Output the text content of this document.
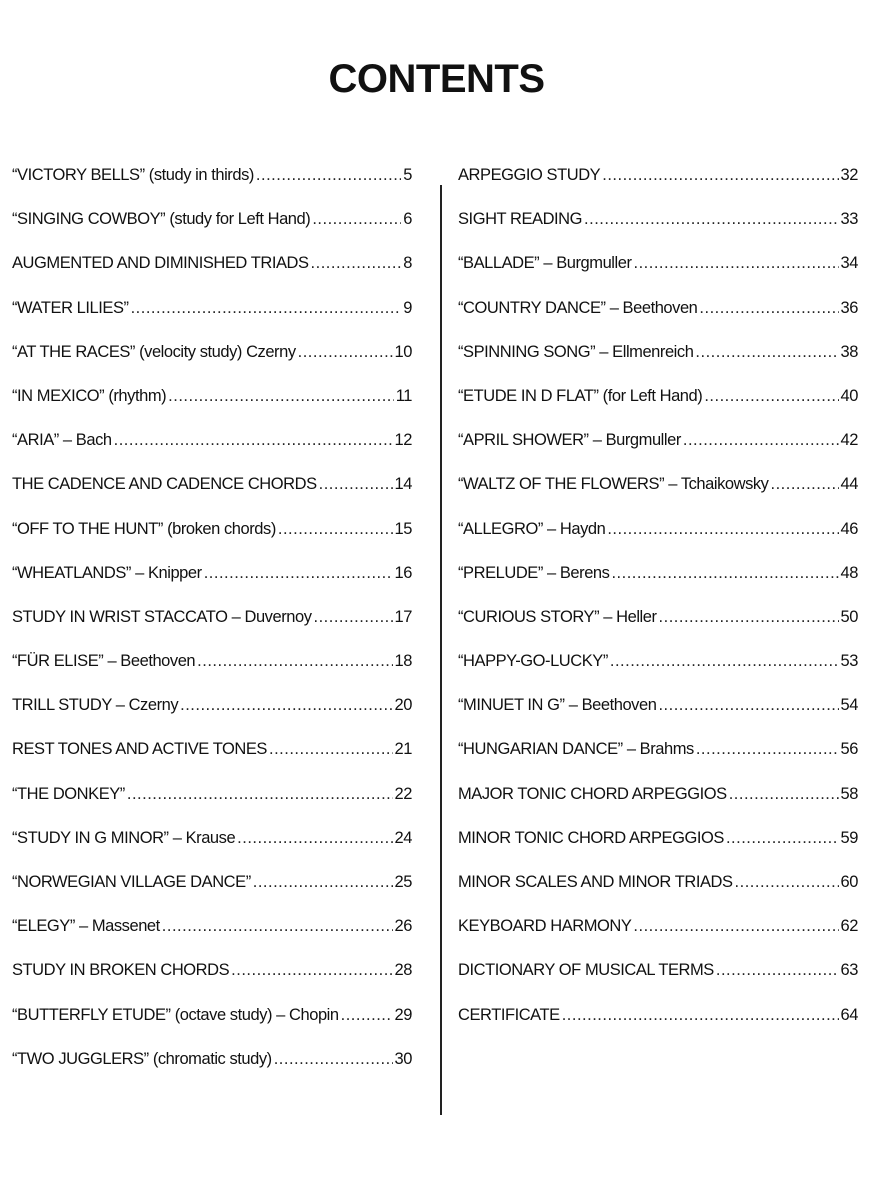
CONTENTS
“VICTORY BELLS” (study in thirds) .....	5
“SINGING COWBOY” (study for Left Hand) .....	6
AUGMENTED AND DIMINISHED TRIADS .....	8
“WATER LILIES” .....	9
“AT THE RACES” (velocity study) Czerny .....	10
“IN MEXICO” (rhythm) .....	11
“ARIA” – Bach .....	12
THE CADENCE AND CADENCE CHORDS .....	14
“OFF TO THE HUNT” (broken chords) .....	15
“WHEATLANDS” – Knipper .....	16
STUDY IN WRIST STACCATO – Duvernoy .....	17
“FÜR ELISE” – Beethoven .....	18
TRILL STUDY – Czerny .....	20
REST TONES AND ACTIVE TONES .....	21
“THE DONKEY” .....	22
“STUDY IN G MINOR” – Krause .....	24
“NORWEGIAN VILLAGE DANCE” .....	25
“ELEGY” – Massenet .....	26
STUDY IN BROKEN CHORDS .....	28
“BUTTERFLY ETUDE” (octave study) – Chopin .....	29
“TWO JUGGLERS” (chromatic study) .....	30
ARPEGGIO STUDY .....	32
SIGHT READING .....	33
“BALLADE” – Burgmuller .....	34
“COUNTRY DANCE” – Beethoven .....	36
“SPINNING SONG” – Ellmenreich .....	38
“ETUDE IN D FLAT” (for Left Hand) .....	40
“APRIL SHOWER” – Burgmuller .....	42
“WALTZ OF THE FLOWERS” – Tchaikowsky .....	44
“ALLEGRO” – Haydn .....	46
“PRELUDE” – Berens .....	48
“CURIOUS STORY” – Heller .....	50
“HAPPY-GO-LUCKY” .....	53
“MINUET IN G” – Beethoven .....	54
“HUNGARIAN DANCE” – Brahms .....	56
MAJOR TONIC CHORD ARPEGGIOS .....	58
MINOR TONIC CHORD ARPEGGIOS .....	59
MINOR SCALES AND MINOR TRIADS .....	60
KEYBOARD HARMONY .....	62
DICTIONARY OF MUSICAL TERMS .....	63
CERTIFICATE .....	64
